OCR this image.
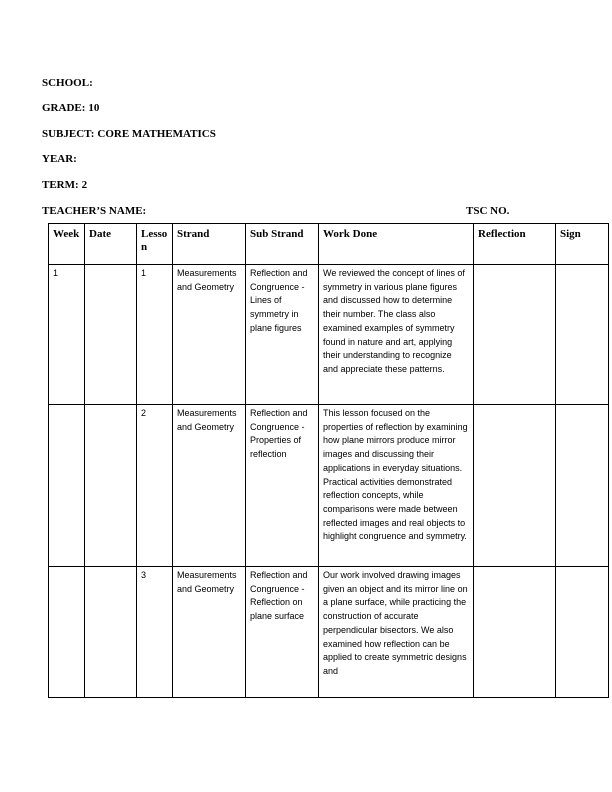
SCHOOL:
GRADE: 10
SUBJECT: CORE MATHEMATICS
YEAR:
TERM: 2
TEACHER’S NAME:	TSC NO.
Week	Date	Lesson	Strand	Sub Strand	Work Done	Reflection	Sign
1		1	Measurements and Geometry	Reflection and Congruence - Lines of symmetry in plane figures	We reviewed the concept of lines of symmetry in various plane figures and discussed how to determine their number. The class also examined examples of symmetry found in nature and art, applying their understanding to recognize and appreciate these patterns.		
		2	Measurements and Geometry	Reflection and Congruence - Properties of reflection	This lesson focused on the properties of reflection by examining how plane mirrors produce mirror images and discussing their applications in everyday situations. Practical activities demonstrated reflection concepts, while comparisons were made between reflected images and real objects to highlight congruence and symmetry.		
		3	Measurements and Geometry	Reflection and Congruence - Reflection on plane surface	Our work involved drawing images given an object and its mirror line on a plane surface, while practicing the construction of accurate perpendicular bisectors. We also examined how reflection can be applied to create symmetric designs and		
